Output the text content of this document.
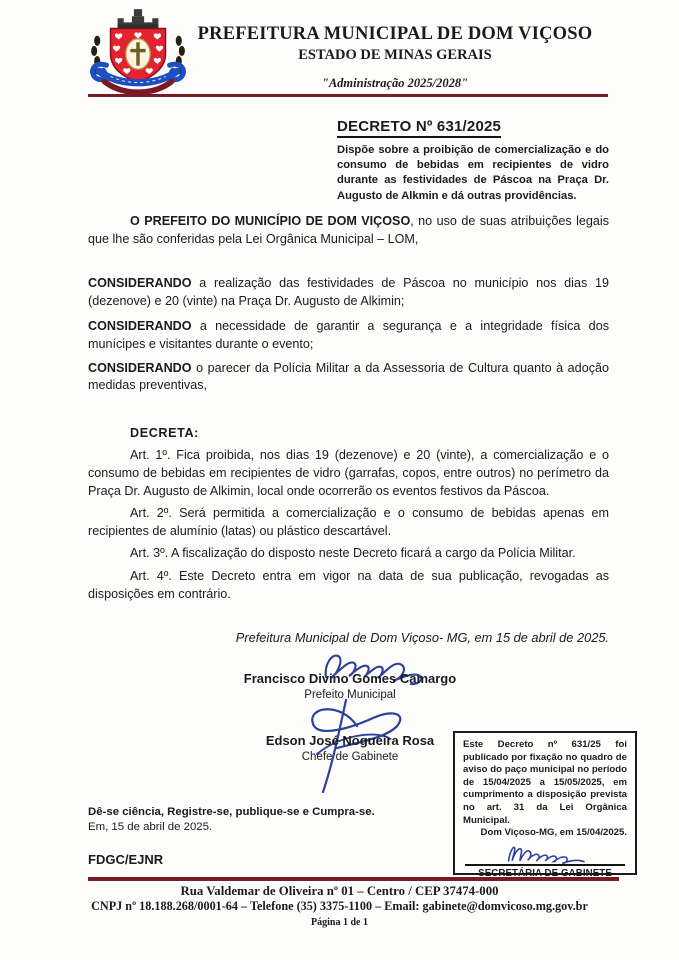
PREFEITURA MUNICIPAL DE DOM VIÇOSO
ESTADO DE MINAS GERAIS
"Administração 2025/2028"
DECRETO Nº 631/2025
Dispõe sobre a proibição de comercialização e do consumo de bebidas em recipientes de vidro durante as festividades de Páscoa na Praça Dr. Augusto de Alkmin e dá outras providências.

O PREFEITO DO MUNICÍPIO DE DOM VIÇOSO, no uso de suas atribuições legais que lhe são conferidas pela Lei Orgânica Municipal – LOM,

CONSIDERANDO a realização das festividades de Páscoa no município nos dias 19 (dezenove) e 20 (vinte) na Praça Dr. Augusto de Alkimin;

CONSIDERANDO a necessidade de garantir a segurança e a integridade física dos munícipes e visitantes durante o evento;

CONSIDERANDO o parecer da Polícia Militar a da Assessoria de Cultura quanto à adoção medidas preventivas,

DECRETA:

Art. 1º. Fica proibida, nos dias 19 (dezenove) e 20 (vinte), a comercialização e o consumo de bebidas em recipientes de vidro (garrafas, copos, entre outros) no perímetro da Praça Dr. Augusto de Alkimin, local onde ocorrerão os eventos festivos da Páscoa.

Art. 2º. Será permitida a comercialização e o consumo de bebidas apenas em recipientes de alumínio (latas) ou plástico descartável.

Art. 3º. A fiscalização do disposto neste Decreto ficará a cargo da Polícia Militar.

Art. 4º. Este Decreto entra em vigor na data de sua publicação, revogadas as disposições em contrário.

Prefeitura Municipal de Dom Viçoso- MG, em 15 de abril de 2025.

Francisco Divino Gomes Camargo
Prefeito Municipal
Edson José Nogueira Rosa
Chefe de Gabinete
Dê-se ciência, Registre-se, publique-se e Cumpra-se.
Em, 15 de abril de 2025.
FDGC/EJNR

Este Decreto nº 631/25 foi publicado por fixação no quadro de aviso do paço municipal no período de 15/04/2025 a 15/05/2025, em cumprimento a disposição prevista no art. 31 da Lei Orgânica Municipal.

Dom Viçoso-MG, em 15/04/2025.

SECRETÁRIA DE GABINETE
Rua Valdemar de Oliveira nº 01 – Centro / CEP 37474-000
CNPJ nº 18.188.268/0001-64 – Telefone (35) 3375-1100 – Email: gabinete@domvicoso.mg.gov.br
Página 1 de 1
